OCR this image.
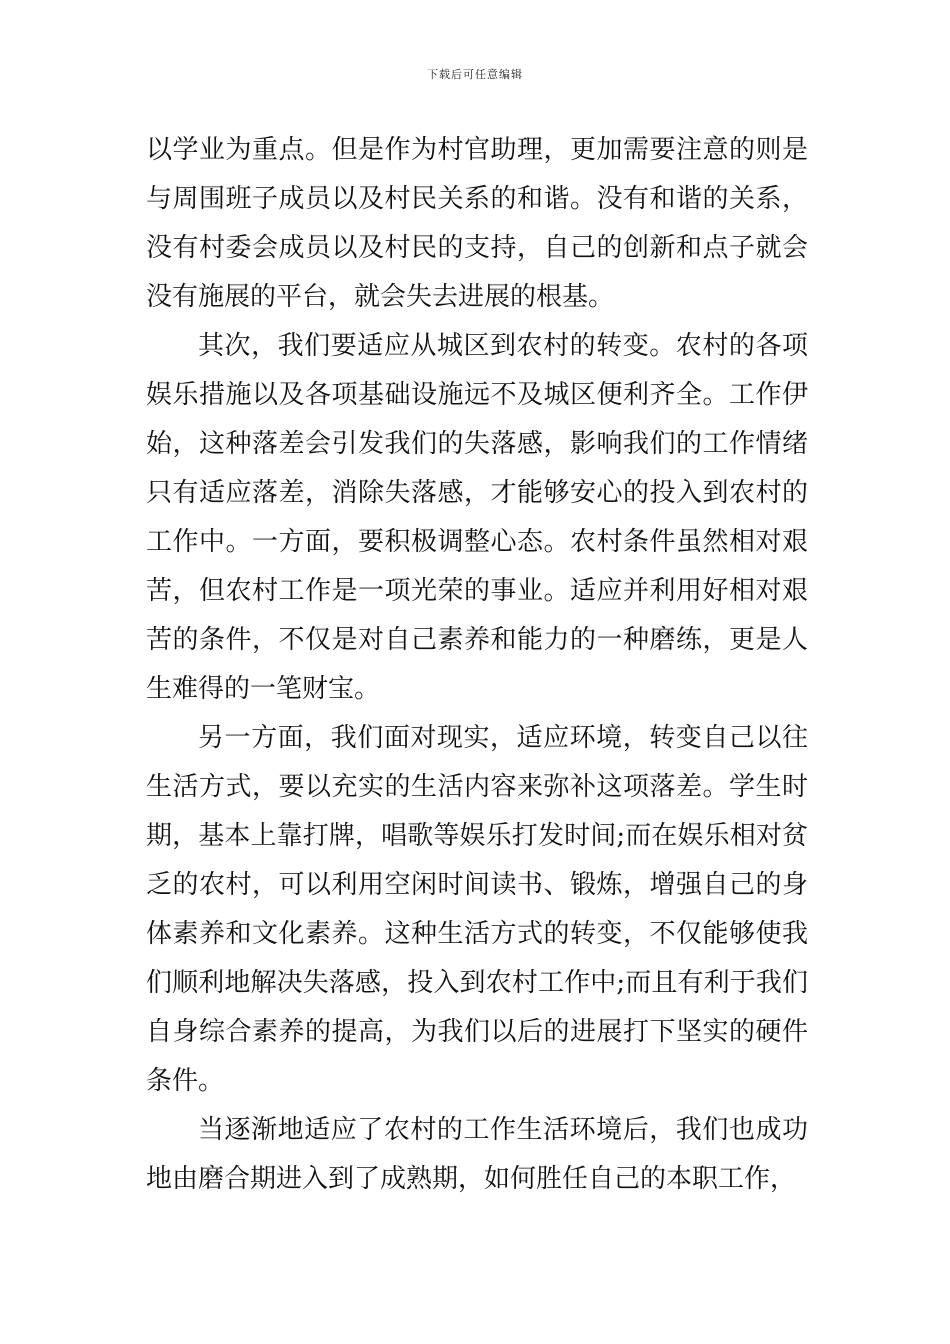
下载后可任意编辑

以学业为重点。但是作为村官助理，更加需要注意的则是与周围班子成员以及村民关系的和谐。没有和谐的关系，没有村委会成员以及村民的支持，自己的创新和点子就会没有施展的平台，就会失去进展的根基。

其次，我们要适应从城区到农村的转变。农村的各项娱乐措施以及各项基础设施远不及城区便利齐全。工作伊始，这种落差会引发我们的失落感，影响我们的工作情绪只有适应落差，消除失落感，才能够安心的投入到农村的工作中。一方面，要积极调整心态。农村条件虽然相对艰苦，但农村工作是一项光荣的事业。适应并利用好相对艰苦的条件，不仅是对自己素养和能力的一种磨练，更是人生难得的一笔财宝。

另一方面，我们面对现实，适应环境，转变自己以往生活方式，要以充实的生活内容来弥补这项落差。学生时期，基本上靠打牌，唱歌等娱乐打发时间;而在娱乐相对贫乏的农村，可以利用空闲时间读书、锻炼，增强自己的身体素养和文化素养。这种生活方式的转变，不仅能够使我们顺利地解决失落感，投入到农村工作中;而且有利于我们自身综合素养的提高，为我们以后的进展打下坚实的硬件条件。

当逐渐地适应了农村的工作生活环境后，我们也成功地由磨合期进入到了成熟期，如何胜任自己的本职工作，
